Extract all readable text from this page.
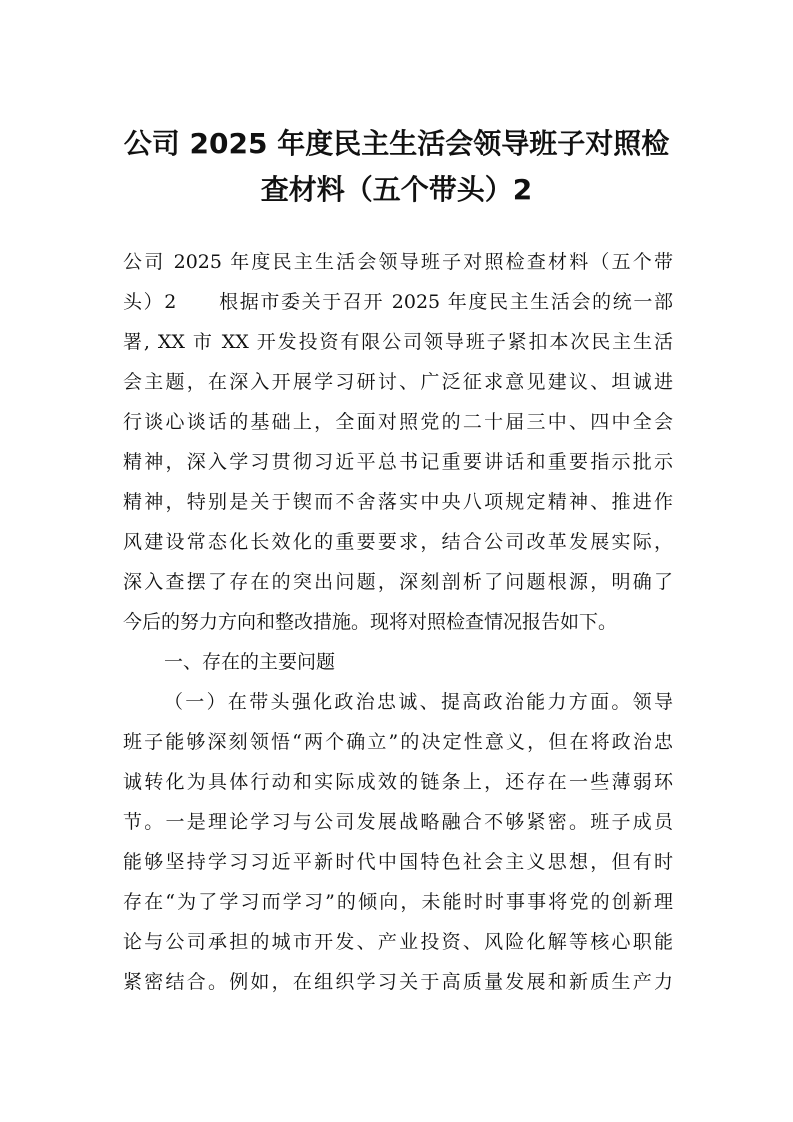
公司 2025 年度民主生活会领导班子对照检
查材料（五个带头）2
公司 2025 年度民主生活会领导班子对照检查材料（五个带
头）2　　根据市委关于召开 2025 年度民主生活会的统一部
署, XX 市 XX 开发投资有限公司领导班子紧扣本次民主生活
会主题，在深入开展学习研讨、广泛征求意见建议、坦诚进
行谈心谈话的基础上，全面对照党的二十届三中、四中全会
精神，深入学习贯彻习近平总书记重要讲话和重要指示批示
精神，特别是关于锲而不舍落实中央八项规定精神、推进作
风建设常态化长效化的重要要求，结合公司改革发展实际，
深入查摆了存在的突出问题，深刻剖析了问题根源，明确了
今后的努力方向和整改措施。现将对照检查情况报告如下。
一、存在的主要问题
（一）在带头强化政治忠诚、提高政治能力方面。领导
班子能够深刻领悟“两个确立”的决定性意义，但在将政治忠
诚转化为具体行动和实际成效的链条上，还存在一些薄弱环
节。一是理论学习与公司发展战略融合不够紧密。班子成员
能够坚持学习习近平新时代中国特色社会主义思想，但有时
存在“为了学习而学习”的倾向，未能时时事事将党的创新理
论与公司承担的城市开发、产业投资、风险化解等核心职能
紧密结合。例如，在组织学习关于高质量发展和新质生产力
